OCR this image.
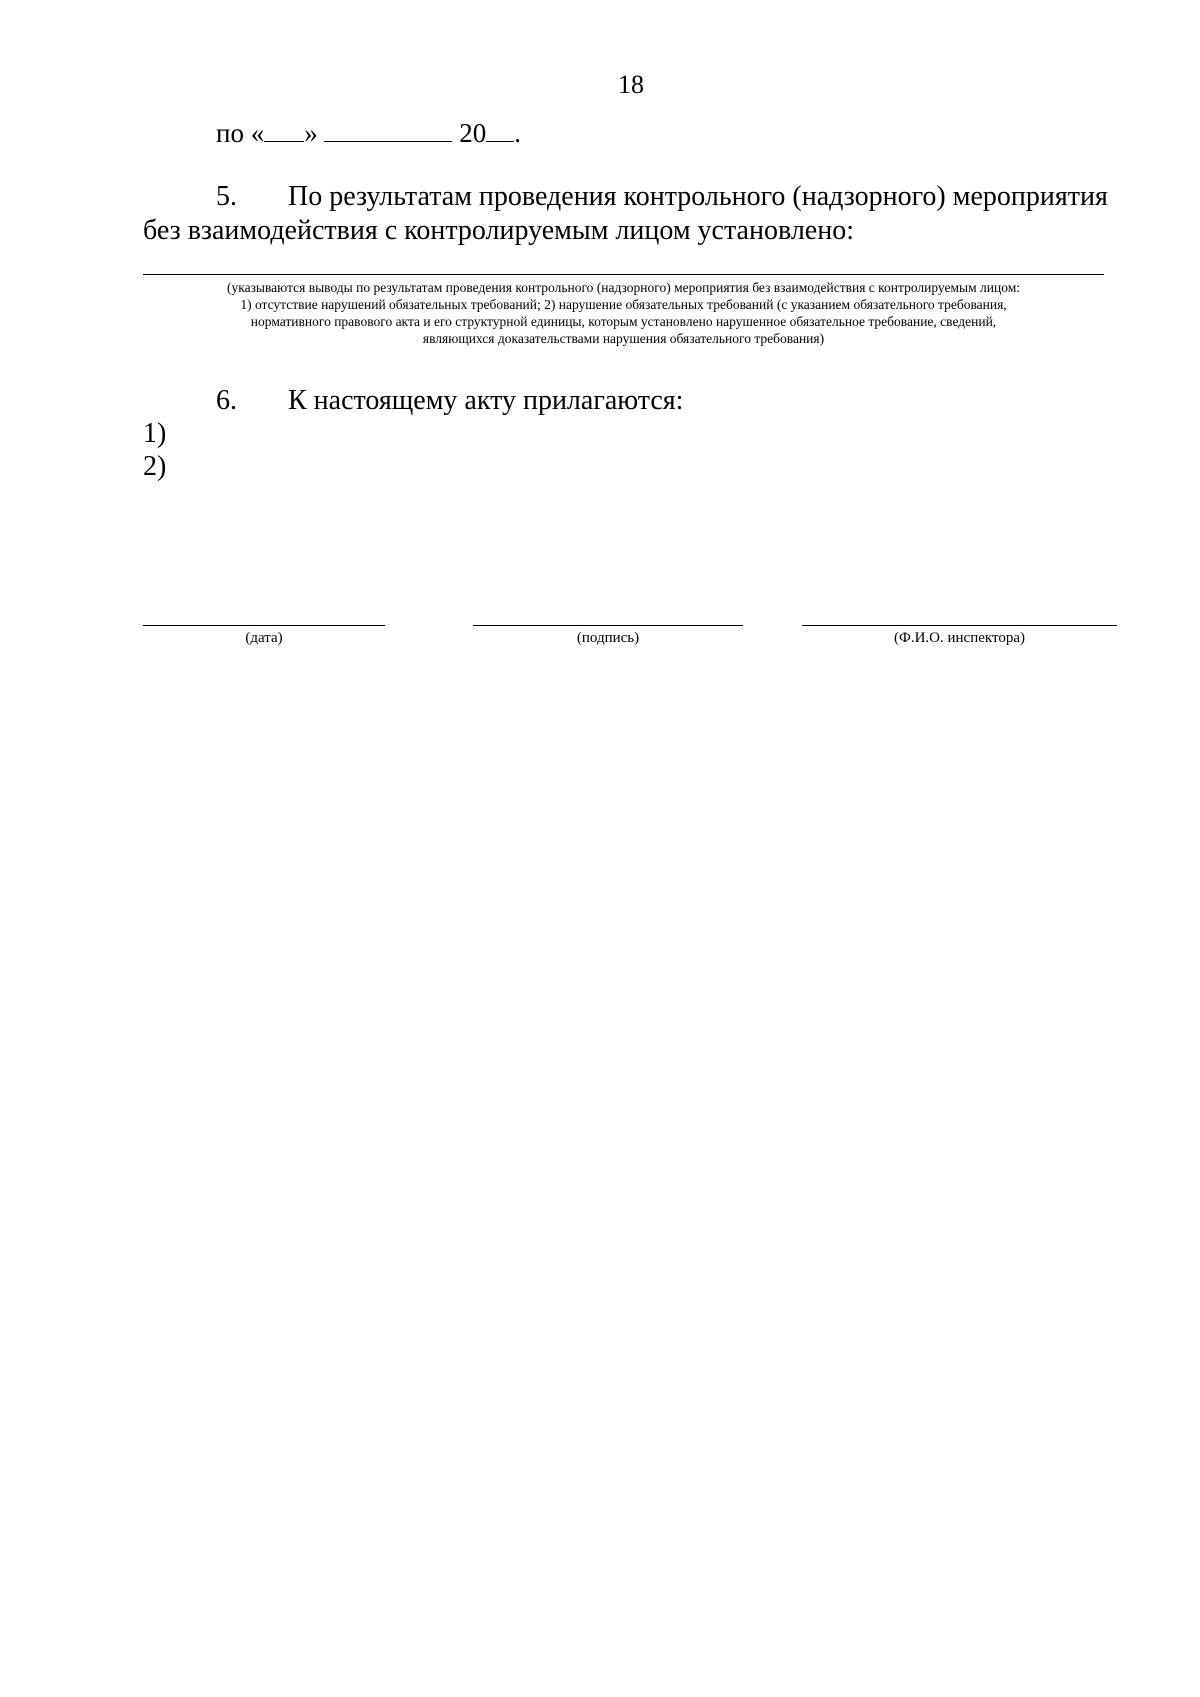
18
по « »	20 .
5. По результатам проведения контрольного (надзорного) мероприятия
без взаимодействия с контролируемым лицом установлено:
(указываются выводы по результатам проведения контрольного (надзорного) мероприятия без взаимодействия с контролируемым лицом:
1) отсутствие нарушений обязательных требований; 2) нарушение обязательных требований (с указанием обязательного требования,
нормативного правового акта и его структурной единицы, которым установлено нарушенное обязательное требование, сведений,
являющихся доказательствами нарушения обязательного требования)
6. К настоящему акту прилагаются:
1)
2)
(дата)	(подпись)	(Ф.И.О. инспектора)
